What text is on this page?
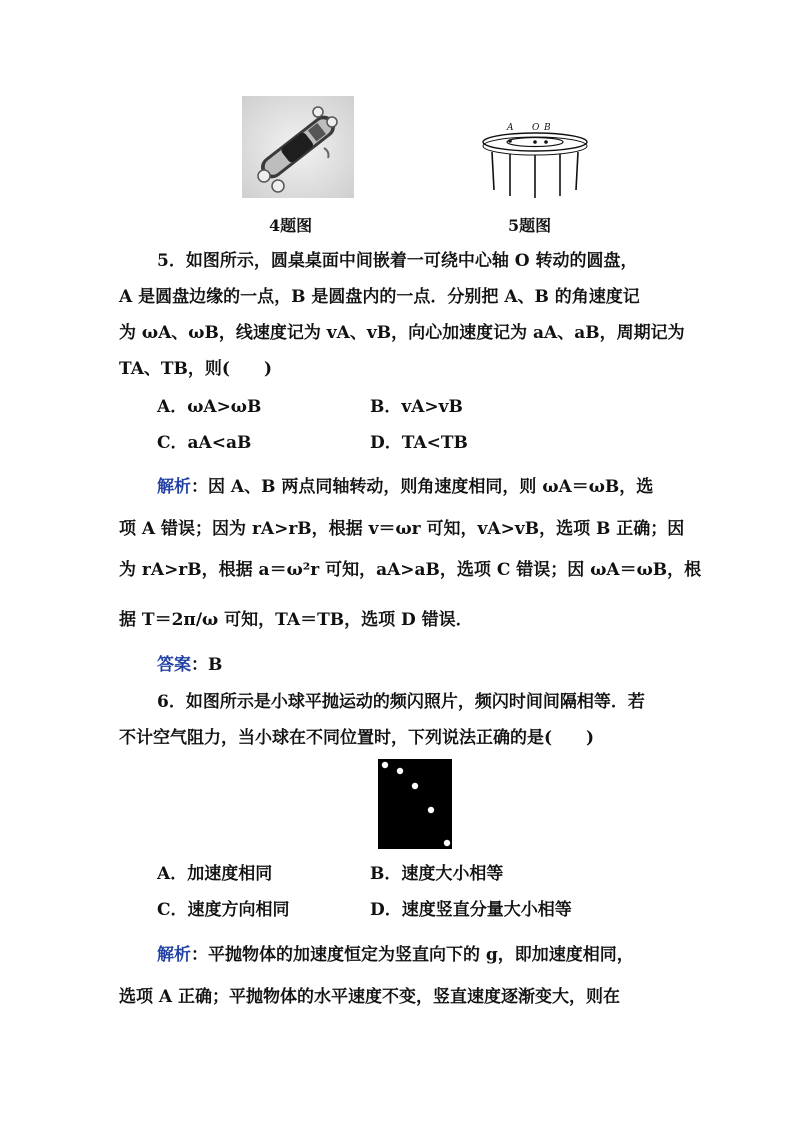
A O B
4题图	5题图
5．如图所示，圆桌桌面中间嵌着一可绕中心轴 O 转动的圆盘，
A 是圆盘边缘的一点，B 是圆盘内的一点．分别把 A、B 的角速度记
为 ωA、ωB，线速度记为 vA、vB，向心加速度记为 aA、aB，周期记为
TA、TB，则(　　)
A．ωA>ωB	B．vA>vB
C．aA<aB	D．TA<TB
解析：因 A、B 两点同轴转动，则角速度相同，则 ωA＝ωB，选
项 A 错误；因为 rA>rB，根据 v＝ωr 可知，vA>vB，选项 B 正确；因
为 rA>rB，根据 a＝ω²r 可知，aA>aB，选项 C 错误；因 ωA＝ωB，根
据 T＝2π/ω 可知，TA＝TB，选项 D 错误．
答案：B
6．如图所示是小球平抛运动的频闪照片，频闪时间间隔相等．若
不计空气阻力，当小球在不同位置时，下列说法正确的是(　　)
A．加速度相同	B．速度大小相等
C．速度方向相同	D．速度竖直分量大小相等
解析：平抛物体的加速度恒定为竖直向下的 g，即加速度相同，
选项 A 正确；平抛物体的水平速度不变，竖直速度逐渐变大，则在
